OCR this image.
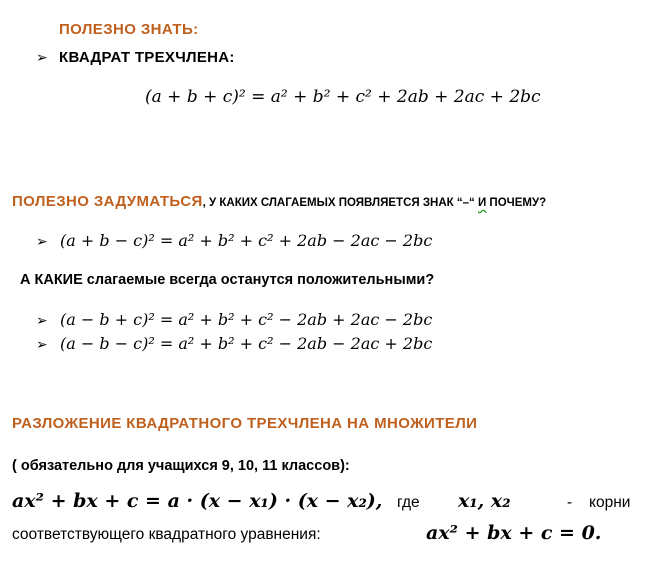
ПОЛЕЗНО ЗНАТЬ:
➢ КВАДРАТ ТРЕХЧЛЕНА:
(a + b + c)² = a² + b² + c² + 2ab + 2ac + 2bc
ПОЛЕЗНО ЗАДУМАТЬСЯ, У КАКИХ СЛАГАЕМЫХ ПОЯВЛЯЕТСЯ ЗНАК “–“ И ПОЧЕМУ?
➢ (a + b − c)² = a² + b² + c² + 2ab − 2ac − 2bc
А КАКИЕ слагаемые всегда останутся положительными?
➢ (a − b + c)² = a² + b² + c² − 2ab + 2ac − 2bc
➢ (a − b − c)² = a² + b² + c² − 2ab − 2ac + 2bc
РАЗЛОЖЕНИЕ КВАДРАТНОГО ТРЕХЧЛЕНА НА МНОЖИТЕЛИ
( обязательно для учащихся 9, 10, 11 классов):
ax² + bx + c = a · (x − x₁) · (x − x₂), где x₁, x₂	- корни
соответствующего квадратного уравнения:	ax² + bx + c = 0.
